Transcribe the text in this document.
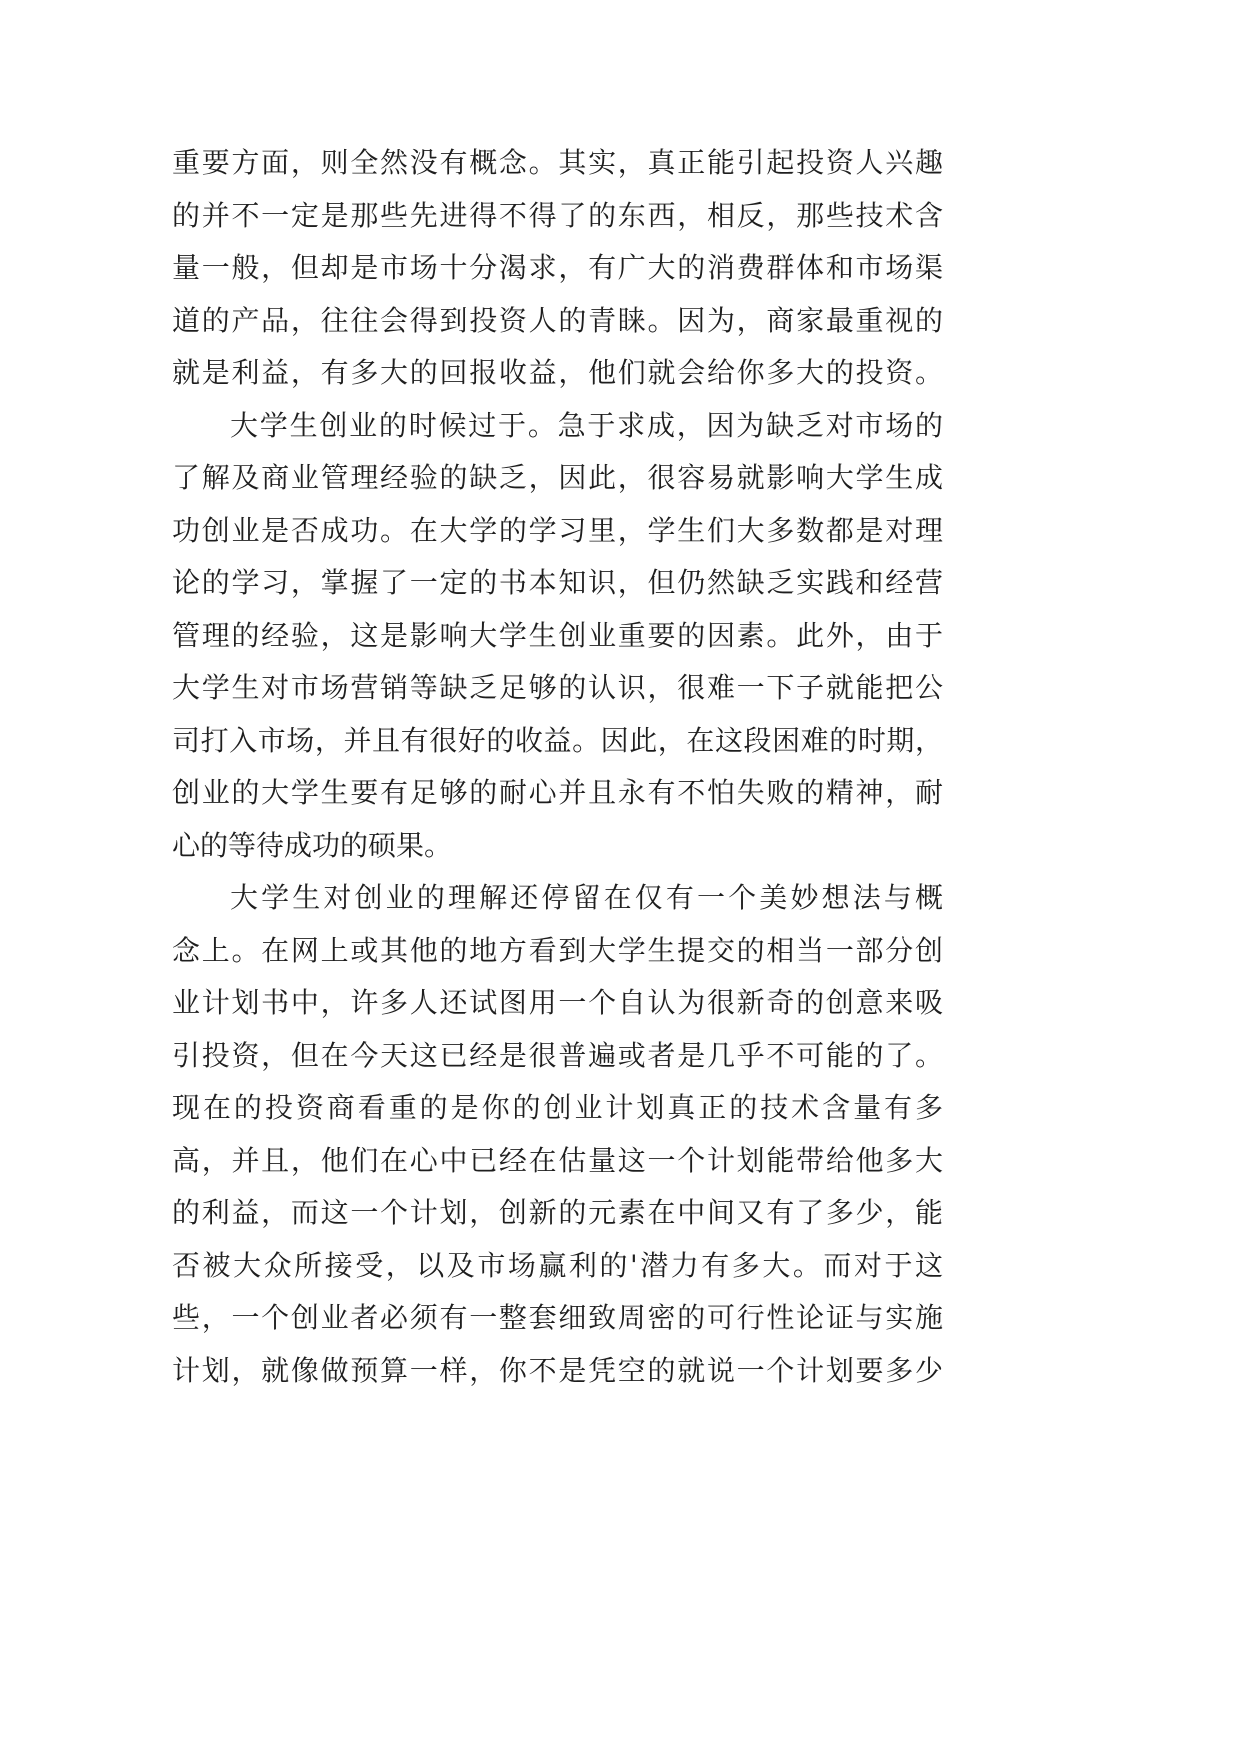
重要方面，则全然没有概念。其实，真正能引起投资人兴趣
的并不一定是那些先进得不得了的东西，相反，那些技术含
量一般，但却是市场十分渴求，有广大的消费群体和市场渠
道的产品，往往会得到投资人的青睐。因为，商家最重视的
就是利益，有多大的回报收益，他们就会给你多大的投资。
大学生创业的时候过于。急于求成，因为缺乏对市场的
了解及商业管理经验的缺乏，因此，很容易就影响大学生成
功创业是否成功。在大学的学习里，学生们大多数都是对理
论的学习，掌握了一定的书本知识，但仍然缺乏实践和经营
管理的经验，这是影响大学生创业重要的因素。此外，由于
大学生对市场营销等缺乏足够的认识，很难一下子就能把公
司打入市场，并且有很好的收益。因此，在这段困难的时期，
创业的大学生要有足够的耐心并且永有不怕失败的精神，耐
心的等待成功的硕果。
大学生对创业的理解还停留在仅有一个美妙想法与概
念上。在网上或其他的地方看到大学生提交的相当一部分创
业计划书中，许多人还试图用一个自认为很新奇的创意来吸
引投资，但在今天这已经是很普遍或者是几乎不可能的了。
现在的投资商看重的是你的创业计划真正的技术含量有多
高，并且，他们在心中已经在估量这一个计划能带给他多大
的利益，而这一个计划，创新的元素在中间又有了多少，能
否被大众所接受，以及市场赢利的'潜力有多大。而对于这
些，一个创业者必须有一整套细致周密的可行性论证与实施
计划，就像做预算一样，你不是凭空的就说一个计划要多少
